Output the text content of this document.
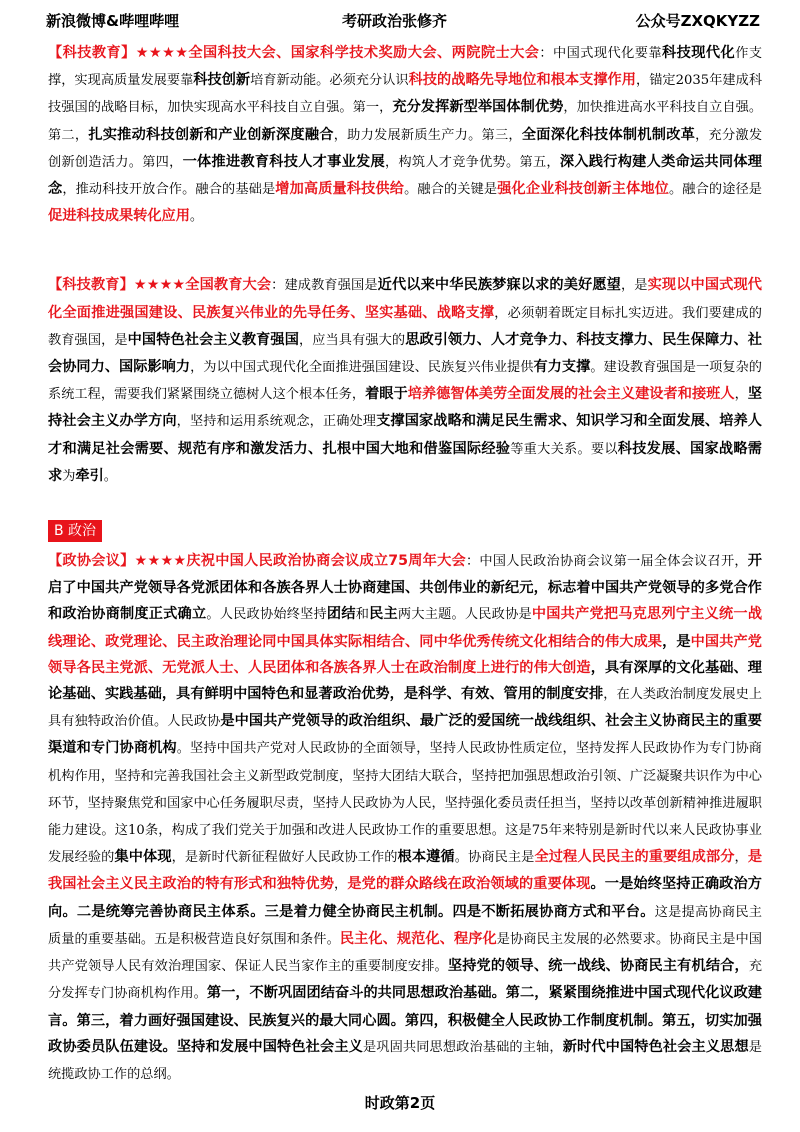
新浪微博&哔哩哔哩	考研政治张修齐	公众号ZXQKYZZ

【科技教育】★★★★全国科技大会、国家科学技术奖励大会、两院院士大会：中国式现代化要靠科技现代化作支撑，实现高质量发展要靠科技创新培育新动能。必须充分认识科技的战略先导地位和根本支撑作用，锚定2035年建成科技强国的战略目标，加快实现高水平科技自立自强。第一，充分发挥新型举国体制优势，加快推进高水平科技自立自强。第二，扎实推动科技创新和产业创新深度融合，助力发展新质生产力。第三，全面深化科技体制机制改革，充分激发创新创造活力。第四，一体推进教育科技人才事业发展，构筑人才竞争优势。第五，深入践行构建人类命运共同体理念，推动科技开放合作。融合的基础是增加高质量科技供给。融合的关键是强化企业科技创新主体地位。融合的途径是促进科技成果转化应用。

【科技教育】★★★★全国教育大会：建成教育强国是近代以来中华民族梦寐以求的美好愿望，是实现以中国式现代化全面推进强国建设、民族复兴伟业的先导任务、坚实基础、战略支撑，必须朝着既定目标扎实迈进。我们要建成的教育强国，是中国特色社会主义教育强国，应当具有强大的思政引领力、人才竞争力、科技支撑力、民生保障力、社会协同力、国际影响力，为以中国式现代化全面推进强国建设、民族复兴伟业提供有力支撑。建设教育强国是一项复杂的系统工程，需要我们紧紧围绕立德树人这个根本任务，着眼于培养德智体美劳全面发展的社会主义建设者和接班人，坚持社会主义办学方向，坚持和运用系统观念，正确处理支撑国家战略和满足民生需求、知识学习和全面发展、培养人才和满足社会需要、规范有序和激发活力、扎根中国大地和借鉴国际经验等重大关系。要以科技发展、国家战略需求为牵引。

B 政治

【政协会议】★★★★庆祝中国人民政治协商会议成立75周年大会：中国人民政治协商会议第一届全体会议召开，开启了中国共产党领导各党派团体和各族各界人士协商建国、共创伟业的新纪元，标志着中国共产党领导的多党合作和政治协商制度正式确立。人民政协始终坚持团结和民主两大主题。人民政协是中国共产党把马克思列宁主义统一战线理论、政党理论、民主政治理论同中国具体实际相结合、同中华优秀传统文化相结合的伟大成果，是中国共产党领导各民主党派、无党派人士、人民团体和各族各界人士在政治制度上进行的伟大创造，具有深厚的文化基础、理论基础、实践基础，具有鲜明中国特色和显著政治优势，是科学、有效、管用的制度安排，在人类政治制度发展史上具有独特政治价值。人民政协是中国共产党领导的政治组织、最广泛的爱国统一战线组织、社会主义协商民主的重要渠道和专门协商机构。坚持中国共产党对人民政协的全面领导，坚持人民政协性质定位，坚持发挥人民政协作为专门协商机构作用，坚持和完善我国社会主义新型政党制度，坚持大团结大联合，坚持把加强思想政治引领、广泛凝聚共识作为中心环节，坚持聚焦党和国家中心任务履职尽责，坚持人民政协为人民，坚持强化委员责任担当，坚持以改革创新精神推进履职能力建设。这10条，构成了我们党关于加强和改进人民政协工作的重要思想。这是75年来特别是新时代以来人民政协事业发展经验的集中体现，是新时代新征程做好人民政协工作的根本遵循。协商民主是全过程人民民主的重要组成部分，是我国社会主义民主政治的特有形式和独特优势，是党的群众路线在政治领域的重要体现。一是始终坚持正确政治方向。二是统筹完善协商民主体系。三是着力健全协商民主机制。四是不断拓展协商方式和平台。这是提高协商民主质量的重要基础。五是积极营造良好氛围和条件。民主化、规范化、程序化是协商民主发展的必然要求。协商民主是中国共产党领导人民有效治理国家、保证人民当家作主的重要制度安排。坚持党的领导、统一战线、协商民主有机结合，充分发挥专门协商机构作用。第一，不断巩固团结奋斗的共同思想政治基础。第二，紧紧围绕推进中国式现代化议政建言。第三，着力画好强国建设、民族复兴的最大同心圆。第四，积极健全人民政协工作制度机制。第五，切实加强政协委员队伍建设。坚持和发展中国特色社会主义是巩固共同思想政治基础的主轴，新时代中国特色社会主义思想是统揽政协工作的总纲。

时政第2页
